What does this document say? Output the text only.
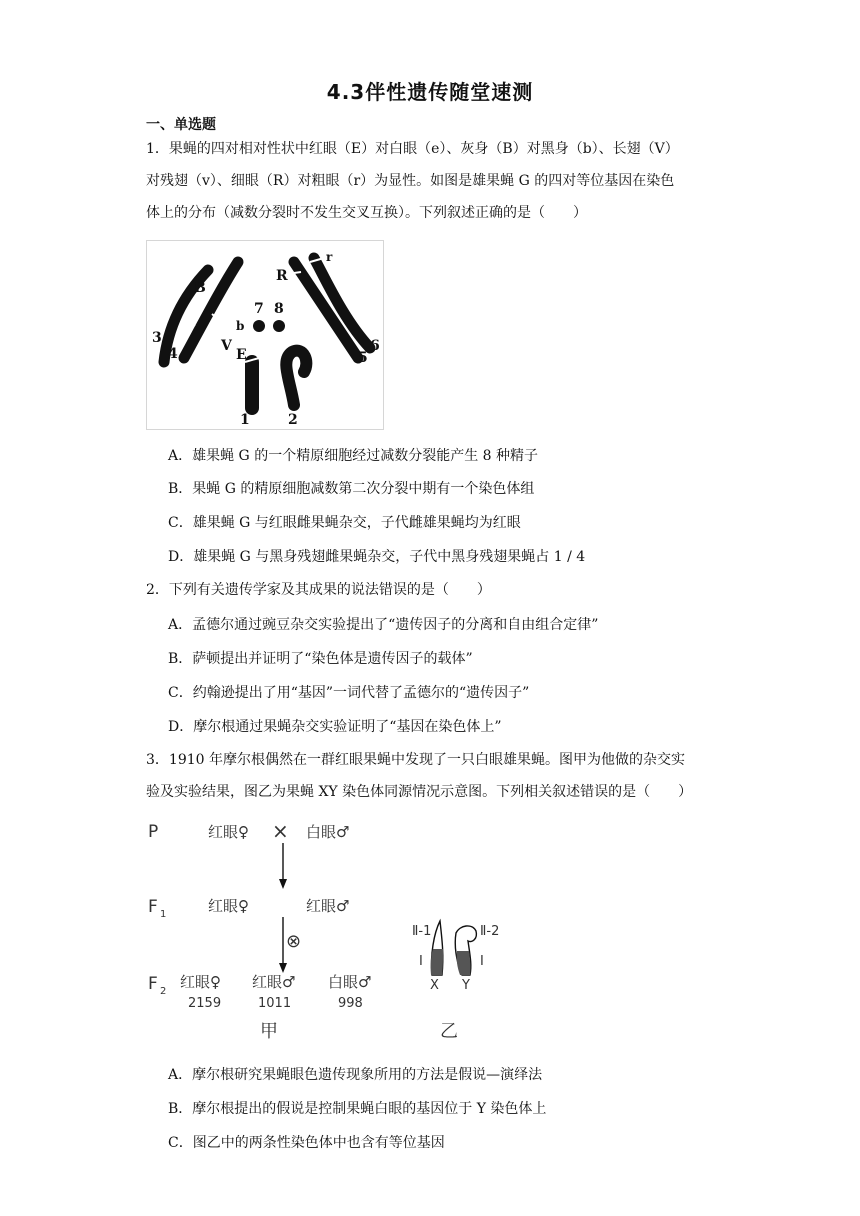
4.3伴性遗传随堂速测
一、单选题
1．果蝇的四对相对性状中红眼（E）对白眼（e）、灰身（B）对黑身（b）、长翅（V）
对残翅（v）、细眼（R）对粗眼（r）为显性。如图是雄果蝇 G 的四对等位基因在染色
体上的分布（减数分裂时不发生交叉互换）。下列叙述正确的是（　　）
3
4
B
v
b
V
7 8
E
R
r
6
5
1	2
A．雄果蝇 G 的一个精原细胞经过减数分裂能产生 8 种精子
B．果蝇 G 的精原细胞减数第二次分裂中期有一个染色体组
C．雄果蝇 G 与红眼雌果蝇杂交，子代雌雄果蝇均为红眼
D．雄果蝇 G 与黑身残翅雌果蝇杂交，子代中黑身残翅果蝇占 1 / 4
2．下列有关遗传学家及其成果的说法错误的是（　　）
A．孟德尔通过豌豆杂交实验提出了“遗传因子的分离和自由组合定律”
B．萨顿提出并证明了“染色体是遗传因子的载体”
C．约翰逊提出了用“基因”一词代替了孟德尔的“遗传因子”
D．摩尔根通过果蝇杂交实验证明了“基因在染色体上”
3．1910 年摩尔根偶然在一群红眼果蝇中发现了一只白眼雄果蝇。图甲为他做的杂交实
验及实验结果，图乙为果蝇 XY 染色体同源情况示意图。下列相关叙述错误的是（　　）
P	红眼♀ × 白眼♂
F 1	红眼♀	红眼♂
⊗
F 2
红眼♀
2159
红眼♂
1011
白眼♂
998
甲
Ⅱ-1	Ⅱ-2
Ⅰ	Ⅰ
X Y
乙
A．摩尔根研究果蝇眼色遗传现象所用的方法是假说—演绎法
B．摩尔根提出的假说是控制果蝇白眼的基因位于 Y 染色体上
C．图乙中的两条性染色体中也含有等位基因
